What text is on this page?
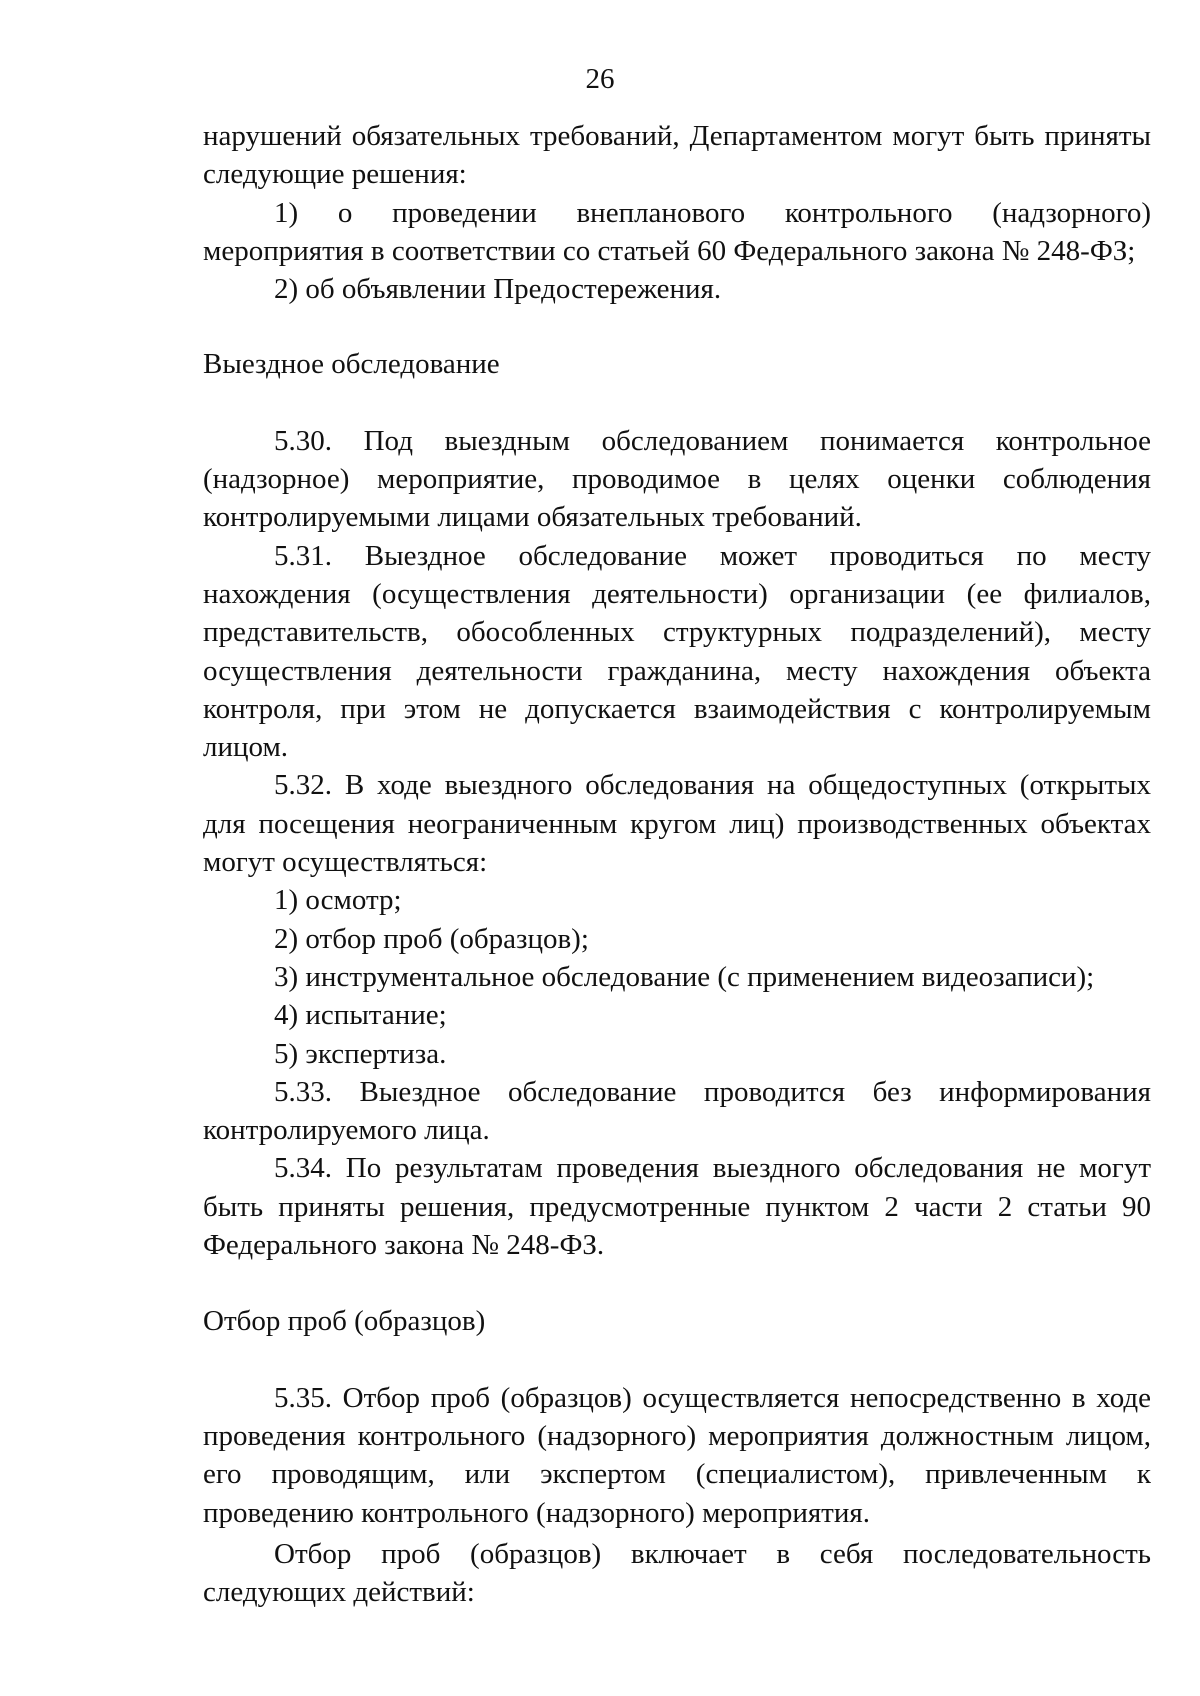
26

нарушений обязательных требований, Департаментом могут быть приняты следующие решения:

1) о проведении внепланового контрольного (надзорного) мероприятия в соответствии со статьей 60 Федерального закона № 248-ФЗ;

2) об объявлении Предостережения.

Выездное обследование

5.30. Под выездным обследованием понимается контрольное (надзорное) мероприятие, проводимое в целях оценки соблюдения контролируемыми лицами обязательных требований.

5.31. Выездное обследование может проводиться по месту нахождения (осуществления деятельности) организации (ее филиалов, представительств, обособленных структурных подразделений), месту осуществления деятельности гражданина, месту нахождения объекта контроля, при этом не допускается взаимодействия с контролируемым лицом.

5.32. В ходе выездного обследования на общедоступных (открытых для посещения неограниченным кругом лиц) производственных объектах могут осуществляться:

1) осмотр;

2) отбор проб (образцов);

3) инструментальное обследование (с применением видеозаписи);

4) испытание;

5) экспертиза.

5.33. Выездное обследование проводится без информирования контролируемого лица.

5.34. По результатам проведения выездного обследования не могут быть приняты решения, предусмотренные пунктом 2 части 2 статьи 90 Федерального закона № 248-ФЗ.

Отбор проб (образцов)

5.35. Отбор проб (образцов) осуществляется непосредственно в ходе проведения контрольного (надзорного) мероприятия должностным лицом, его проводящим, или экспертом (специалистом), привлеченным к проведению контрольного (надзорного) мероприятия.

Отбор проб (образцов) включает в себя последовательность следующих действий:
